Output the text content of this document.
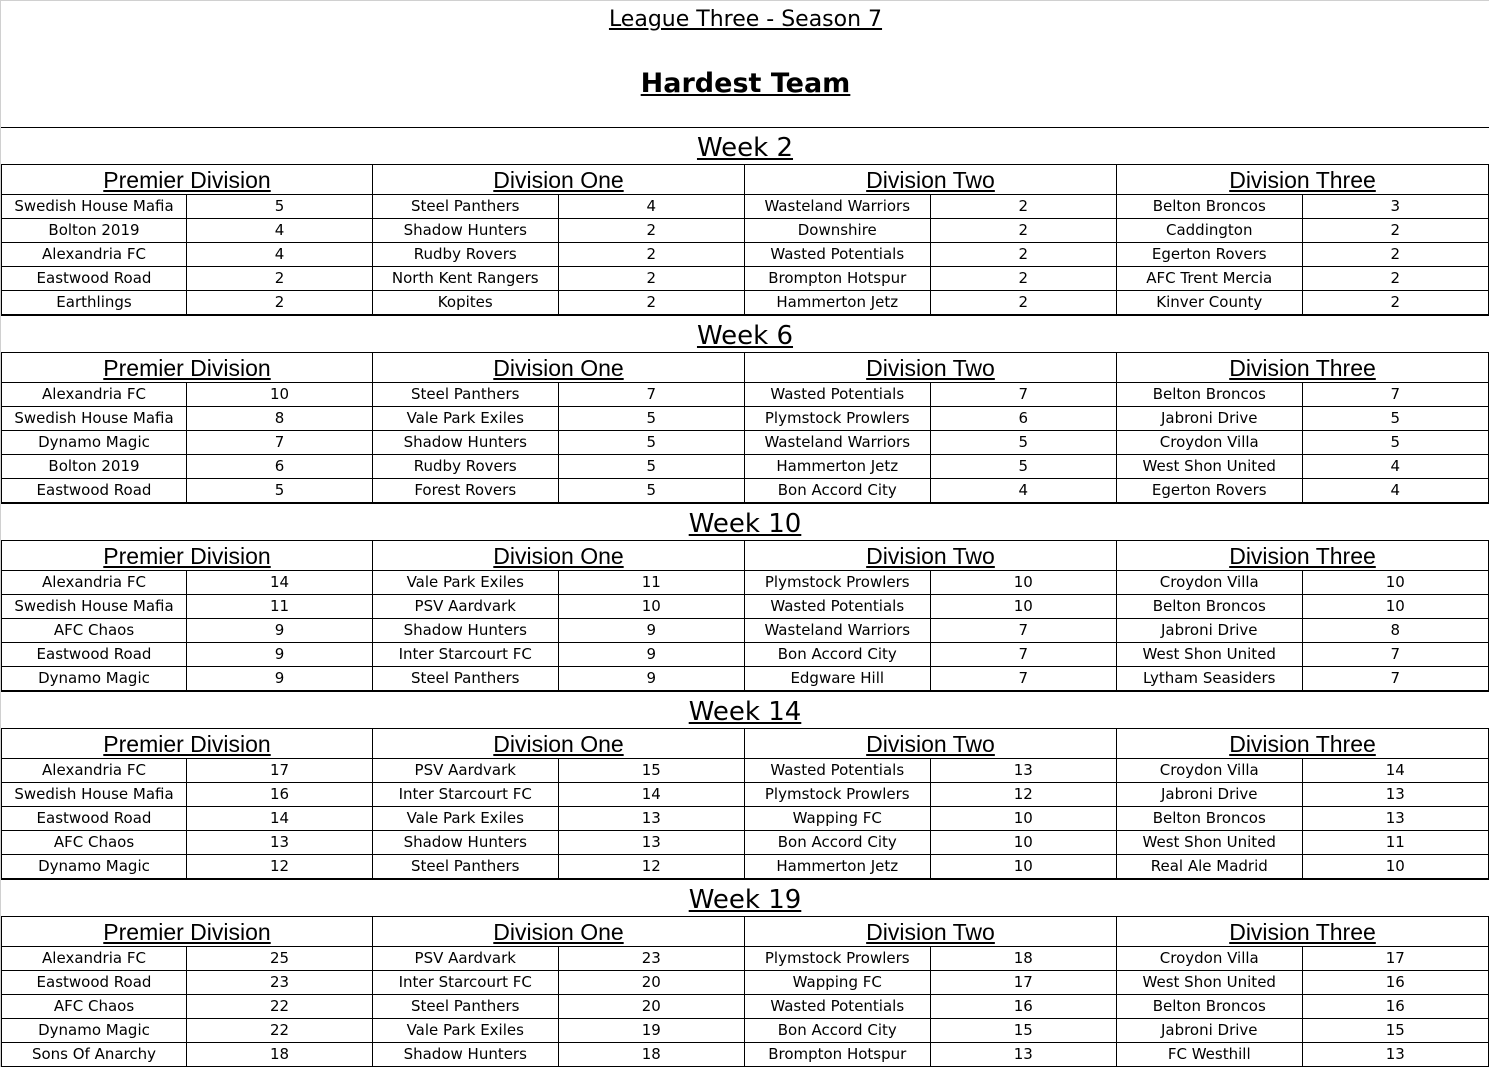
League Three - Season 7
Hardest Team
Week 2
Premier Division
Swedish House Mafia	5
Bolton 2019	4
Alexandria FC	4
Eastwood Road	2
Earthlings	2
Division One
Steel Panthers	4
Shadow Hunters	2
Rudby Rovers	2
North Kent Rangers	2
Kopites	2
Division Two
Wasteland Warriors	2
Downshire	2
Wasted Potentials	2
Brompton Hotspur	2
Hammerton Jetz	2
Division Three
Belton Broncos	3
Caddington	2
Egerton Rovers	2
AFC Trent Mercia	2
Kinver County	2
Week 6
Premier Division
Alexandria FC	10
Swedish House Mafia	8
Dynamo Magic	7
Bolton 2019	6
Eastwood Road	5
Division One
Steel Panthers	7
Vale Park Exiles	5
Shadow Hunters	5
Rudby Rovers	5
Forest Rovers	5
Division Two
Wasted Potentials	7
Plymstock Prowlers	6
Wasteland Warriors	5
Hammerton Jetz	5
Bon Accord City	4
Division Three
Belton Broncos	7
Jabroni Drive	5
Croydon Villa	5
West Shon United	4
Egerton Rovers	4
Week 10
Premier Division
Alexandria FC	14
Swedish House Mafia	11
AFC Chaos	9
Eastwood Road	9
Dynamo Magic	9
Division One
Vale Park Exiles	11
PSV Aardvark	10
Shadow Hunters	9
Inter Starcourt FC	9
Steel Panthers	9
Division Two
Plymstock Prowlers	10
Wasted Potentials	10
Wasteland Warriors	7
Bon Accord City	7
Edgware Hill	7
Division Three
Croydon Villa	10
Belton Broncos	10
Jabroni Drive	8
West Shon United	7
Lytham Seasiders	7
Week 14
Premier Division
Alexandria FC	17
Swedish House Mafia	16
Eastwood Road	14
AFC Chaos	13
Dynamo Magic	12
Division One
PSV Aardvark	15
Inter Starcourt FC	14
Vale Park Exiles	13
Shadow Hunters	13
Steel Panthers	12
Division Two
Wasted Potentials	13
Plymstock Prowlers	12
Wapping FC	10
Bon Accord City	10
Hammerton Jetz	10
Division Three
Croydon Villa	14
Jabroni Drive	13
Belton Broncos	13
West Shon United	11
Real Ale Madrid	10
Week 19
Premier Division
Alexandria FC	25
Eastwood Road	23
AFC Chaos	22
Dynamo Magic	22
Sons Of Anarchy	18
Division One
PSV Aardvark	23
Inter Starcourt FC	20
Steel Panthers	20
Vale Park Exiles	19
Shadow Hunters	18
Division Two
Plymstock Prowlers	18
Wapping FC	17
Wasted Potentials	16
Bon Accord City	15
Brompton Hotspur	13
Division Three
Croydon Villa	17
West Shon United	16
Belton Broncos	16
Jabroni Drive	15
FC Westhill	13
